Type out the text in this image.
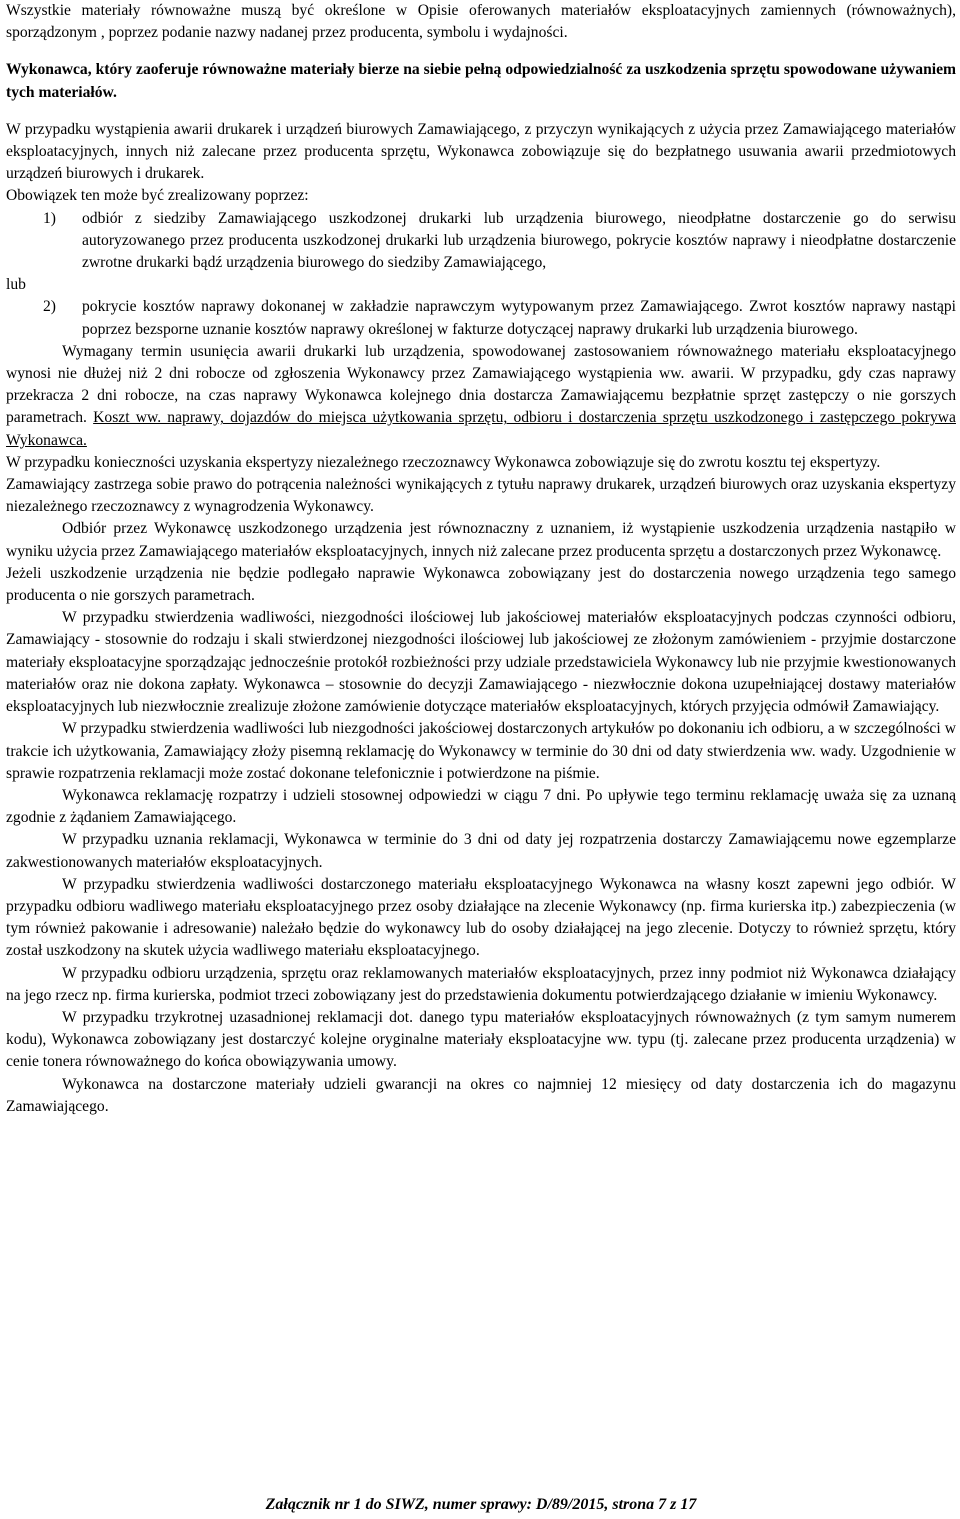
Wszystkie materiały równoważne muszą być określone w Opisie oferowanych materiałów eksploatacyjnych zamiennych (równoważnych), sporządzonym , poprzez podanie nazwy nadanej przez producenta, symbolu i wydajności.

Wykonawca, który zaoferuje równoważne materiały bierze na siebie pełną odpowiedzialność za uszkodzenia sprzętu spowodowane używaniem tych materiałów.

W przypadku wystąpienia awarii drukarek i urządzeń biurowych Zamawiającego, z przyczyn wynikających z użycia przez Zamawiającego materiałów eksploatacyjnych, innych niż zalecane przez producenta sprzętu, Wykonawca zobowiązuje się do bezpłatnego usuwania awarii przedmiotowych urządzeń biurowych i drukarek.

Obowiązek ten może być zrealizowany poprzez:

1)	odbiór z siedziby Zamawiającego uszkodzonej drukarki lub urządzenia biurowego, nieodpłatne dostarczenie go do serwisu autoryzowanego przez producenta uszkodzonej drukarki lub urządzenia biurowego, pokrycie kosztów naprawy i nieodpłatne dostarczenie zwrotne drukarki bądź urządzenia biurowego do siedziby Zamawiającego,

lub

2)	pokrycie kosztów naprawy dokonanej w zakładzie naprawczym wytypowanym przez Zamawiającego. Zwrot kosztów naprawy nastąpi poprzez bezsporne uznanie kosztów naprawy określonej w fakturze dotyczącej naprawy drukarki lub urządzenia biurowego.

Wymagany termin usunięcia awarii drukarki lub urządzenia, spowodowanej zastosowaniem równoważnego materiału eksploatacyjnego wynosi nie dłużej niż 2 dni robocze od zgłoszenia Wykonawcy przez Zamawiającego wystąpienia ww. awarii. W przypadku, gdy czas naprawy przekracza 2 dni robocze, na czas naprawy Wykonawca kolejnego dnia dostarcza Zamawiającemu bezpłatnie sprzęt zastępczy o nie gorszych parametrach. Koszt ww. naprawy, dojazdów do miejsca użytkowania sprzętu, odbioru i dostarczenia sprzętu uszkodzonego i zastępczego pokrywa Wykonawca.

W przypadku konieczności uzyskania ekspertyzy niezależnego rzeczoznawcy Wykonawca zobowiązuje się do zwrotu kosztu tej ekspertyzy.

Zamawiający zastrzega sobie prawo do potrącenia należności wynikających z tytułu naprawy drukarek, urządzeń biurowych oraz uzyskania ekspertyzy niezależnego rzeczoznawcy z wynagrodzenia Wykonawcy.

Odbiór przez Wykonawcę uszkodzonego urządzenia jest równoznaczny z uznaniem, iż wystąpienie uszkodzenia urządzenia nastąpiło w wyniku użycia przez Zamawiającego materiałów eksploatacyjnych, innych niż zalecane przez producenta sprzętu a dostarczonych przez Wykonawcę.

Jeżeli uszkodzenie urządzenia nie będzie podlegało naprawie Wykonawca zobowiązany jest do dostarczenia nowego urządzenia tego samego producenta o nie gorszych parametrach.

W przypadku stwierdzenia wadliwości, niezgodności ilościowej lub jakościowej materiałów eksploatacyjnych podczas czynności odbioru, Zamawiający - stosownie do rodzaju i skali stwierdzonej niezgodności ilościowej lub jakościowej ze złożonym zamówieniem - przyjmie dostarczone materiały eksploatacyjne sporządzając jednocześnie protokół rozbieżności przy udziale przedstawiciela Wykonawcy lub nie przyjmie kwestionowanych materiałów oraz nie dokona zapłaty. Wykonawca – stosownie do decyzji Zamawiającego - niezwłocznie dokona uzupełniającej dostawy materiałów eksploatacyjnych lub niezwłocznie zrealizuje złożone zamówienie dotyczące materiałów eksploatacyjnych, których przyjęcia odmówił Zamawiający.

W przypadku stwierdzenia wadliwości lub niezgodności jakościowej dostarczonych artykułów po dokonaniu ich odbioru, a w szczególności w trakcie ich użytkowania, Zamawiający złoży pisemną reklamację do Wykonawcy w terminie do 30 dni od daty stwierdzenia ww. wady. Uzgodnienie w sprawie rozpatrzenia reklamacji może zostać dokonane telefonicznie i potwierdzone na piśmie.

Wykonawca reklamację rozpatrzy i udzieli stosownej odpowiedzi w ciągu 7 dni. Po upływie tego terminu reklamację uważa się za uznaną zgodnie z żądaniem Zamawiającego.

W przypadku uznania reklamacji, Wykonawca w terminie do 3 dni od daty jej rozpatrzenia dostarczy Zamawiającemu nowe egzemplarze zakwestionowanych materiałów eksploatacyjnych.

W przypadku stwierdzenia wadliwości dostarczonego materiału eksploatacyjnego Wykonawca na własny koszt zapewni jego odbiór. W przypadku odbioru wadliwego materiału eksploatacyjnego przez osoby działające na zlecenie Wykonawcy (np. firma kurierska itp.) zabezpieczenia (w tym również pakowanie i adresowanie) należało będzie do wykonawcy lub do osoby działającej na jego zlecenie. Dotyczy to również sprzętu, który został uszkodzony na skutek użycia wadliwego materiału eksploatacyjnego.

W przypadku odbioru urządzenia, sprzętu oraz reklamowanych materiałów eksploatacyjnych, przez inny podmiot niż Wykonawca działający na jego rzecz np. firma kurierska, podmiot trzeci zobowiązany jest do przedstawienia dokumentu potwierdzającego działanie w imieniu Wykonawcy.

W przypadku trzykrotnej uzasadnionej reklamacji dot. danego typu materiałów eksploatacyjnych równoważnych (z tym samym numerem kodu), Wykonawca zobowiązany jest dostarczyć kolejne oryginalne materiały eksploatacyjne ww. typu (tj. zalecane przez producenta urządzenia) w cenie tonera równoważnego do końca obowiązywania umowy.

Wykonawca na dostarczone materiały udzieli gwarancji na okres co najmniej 12 miesięcy od daty dostarczenia ich do magazynu Zamawiającego.

Załącznik nr 1 do SIWZ, numer sprawy: D/89/2015, strona 7 z 17
